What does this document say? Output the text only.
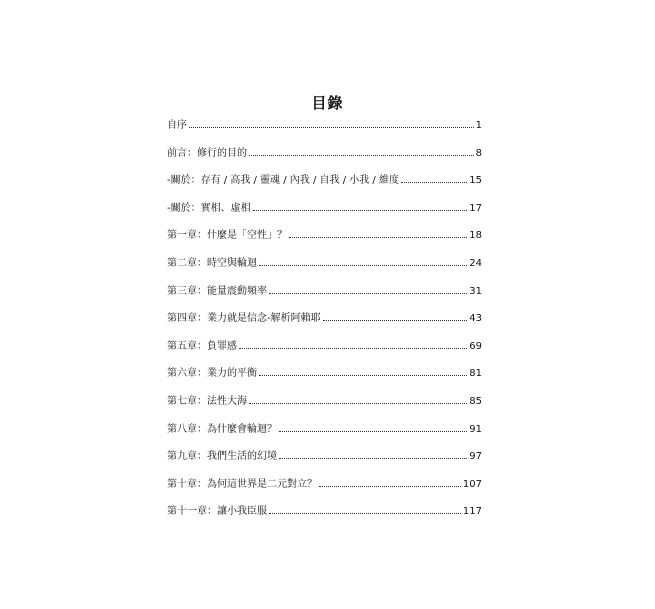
目錄
自序	1
前言：修行的目的	8
-關於：存有 / 高我 / 靈魂 / 內我 / 自我 / 小我 / 維度	15
-關於：實相、虛相	17
第一章：什麼是「空性」？	18
第二章：時空與輪迴	24
第三章：能量震動頻率	31
第四章：業力就是信念-解析阿賴耶	43
第五章：負罪感	69
第六章：業力的平衡	81
第七章：法性大海	85
第八章：為什麼會輪迴？	91
第九章：我們生活的幻境	97
第十章：為何這世界是二元對立？	107
第十一章：讓小我臣服	117
